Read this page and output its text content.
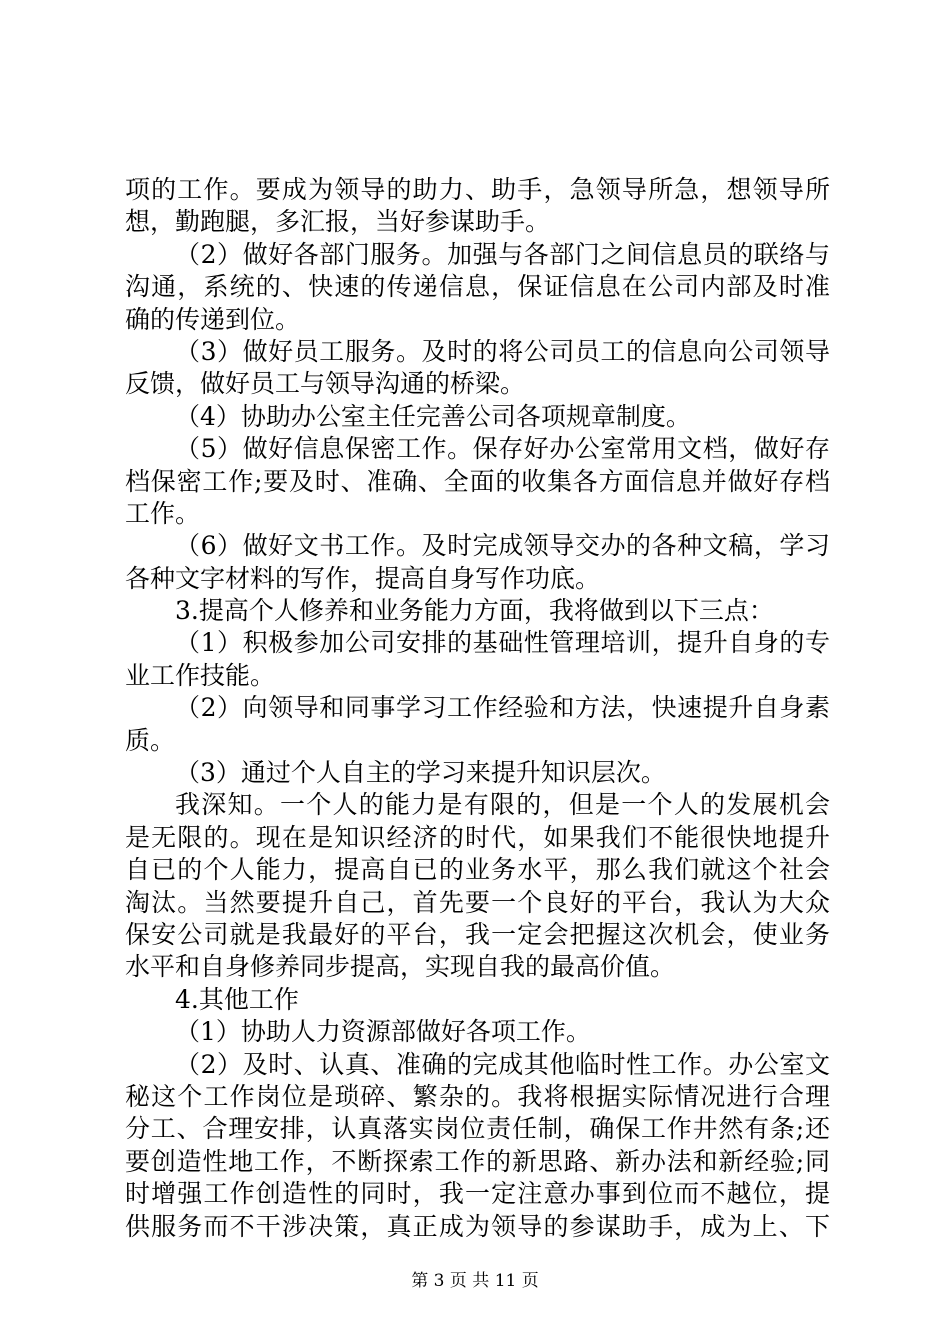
项的工作。要成为领导的助力、助手，急领导所急，想领导所
想，勤跑腿，多汇报，当好参谋助手。
（2）做好各部门服务。加强与各部门之间信息员的联络与
沟通，系统的、快速的传递信息，保证信息在公司内部及时准
确的传递到位。
（3）做好员工服务。及时的将公司员工的信息向公司领导
反馈，做好员工与领导沟通的桥梁。
（4）协助办公室主任完善公司各项规章制度。
（5）做好信息保密工作。保存好办公室常用文档，做好存
档保密工作;要及时、准确、全面的收集各方面信息并做好存档
工作。
（6）做好文书工作。及时完成领导交办的各种文稿，学习
各种文字材料的写作，提高自身写作功底。
3.提高个人修养和业务能力方面，我将做到以下三点：
（1）积极参加公司安排的基础性管理培训，提升自身的专
业工作技能。
（2）向领导和同事学习工作经验和方法，快速提升自身素
质。
（3）通过个人自主的学习来提升知识层次。
我深知。一个人的能力是有限的，但是一个人的发展机会
是无限的。现在是知识经济的时代，如果我们不能很快地提升
自已的个人能力，提高自已的业务水平，那么我们就这个社会
淘汰。当然要提升自己，首先要一个良好的平台，我认为大众
保安公司就是我最好的平台，我一定会把握这次机会，使业务
水平和自身修养同步提高，实现自我的最高价值。
4.其他工作
（1）协助人力资源部做好各项工作。
（2）及时、认真、准确的完成其他临时性工作。办公室文
秘这个工作岗位是琐碎、繁杂的。我将根据实际情况进行合理
分工、合理安排，认真落实岗位责任制，确保工作井然有条;还
要创造性地工作，不断探索工作的新思路、新办法和新经验;同
时增强工作创造性的同时，我一定注意办事到位而不越位，提
供服务而不干涉决策，真正成为领导的参谋助手，成为上、下
第 3 页 共 11 页
